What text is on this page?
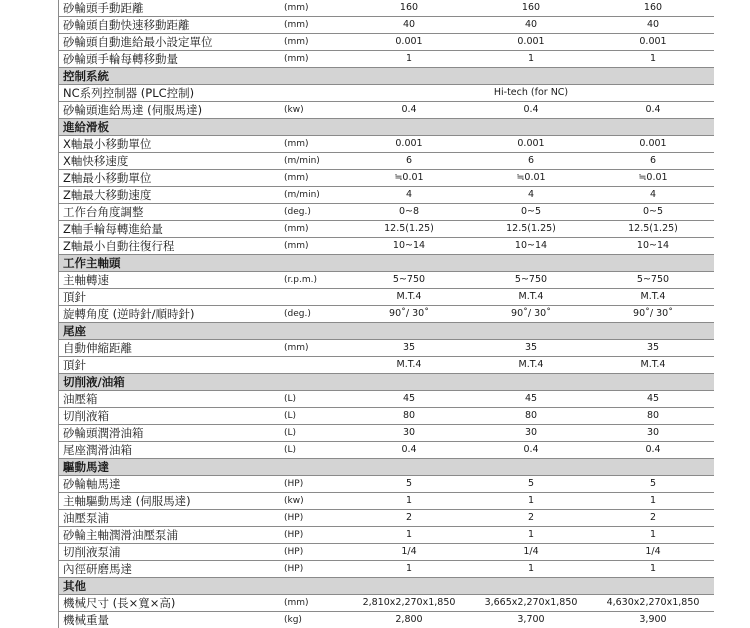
砂輪頭手動距離	(mm)	160	160	160
砂輪頭自動快速移動距離	(mm)	40	40	40
砂輪頭自動進給最小設定單位	(mm)	0.001	0.001	0.001
砂輪頭手輪每轉移動量	(mm)	1	1	1
控制系統				
NC系列控制器 (PLC控制)		Hi-tech (for NC)		
砂輪頭進給馬達 (伺服馬達)	(kw)	0.4	0.4	0.4
進給滑板				
X軸最小移動單位	(mm)	0.001	0.001	0.001
X軸快移速度	(m/min)	6	6	6
Z軸最小移動單位	(mm)	≒0.01	≒0.01	≒0.01
Z軸最大移動速度	(m/min)	4	4	4
工作台角度調整	(deg.)	0~8	0~5	0~5
Z軸手輪每轉進給量	(mm)	12.5(1.25)	12.5(1.25)	12.5(1.25)
Z軸最小自動往復行程	(mm)	10~14	10~14	10~14
工作主軸頭				
主軸轉速	(r.p.m.)	5~750	5~750	5~750
頂針		M.T.4	M.T.4	M.T.4
旋轉角度 (逆時針/順時針)	(deg.)	90˚/ 30˚	90˚/ 30˚	90˚/ 30˚
尾座				
自動伸縮距離	(mm)	35	35	35
頂針		M.T.4	M.T.4	M.T.4
切削液/油箱				
油壓箱	(L)	45	45	45
切削液箱	(L)	80	80	80
砂輪頭潤滑油箱	(L)	30	30	30
尾座潤滑油箱	(L)	0.4	0.4	0.4
驅動馬達				
砂輪軸馬達	(HP)	5	5	5
主軸驅動馬達 (伺服馬達)	(kw)	1	1	1
油壓泵浦	(HP)	2	2	2
砂輪主軸潤滑油壓泵浦	(HP)	1	1	1
切削液泵浦	(HP)	1/4	1/4	1/4
內徑研磨馬達	(HP)	1	1	1
其他				
機械尺寸 (長×寬×高)	(mm)	2,810x2,270x1,850	3,665x2,270x1,850	4,630x2,270x1,850
機械重量	(kg)	2,800	3,700	3,900
